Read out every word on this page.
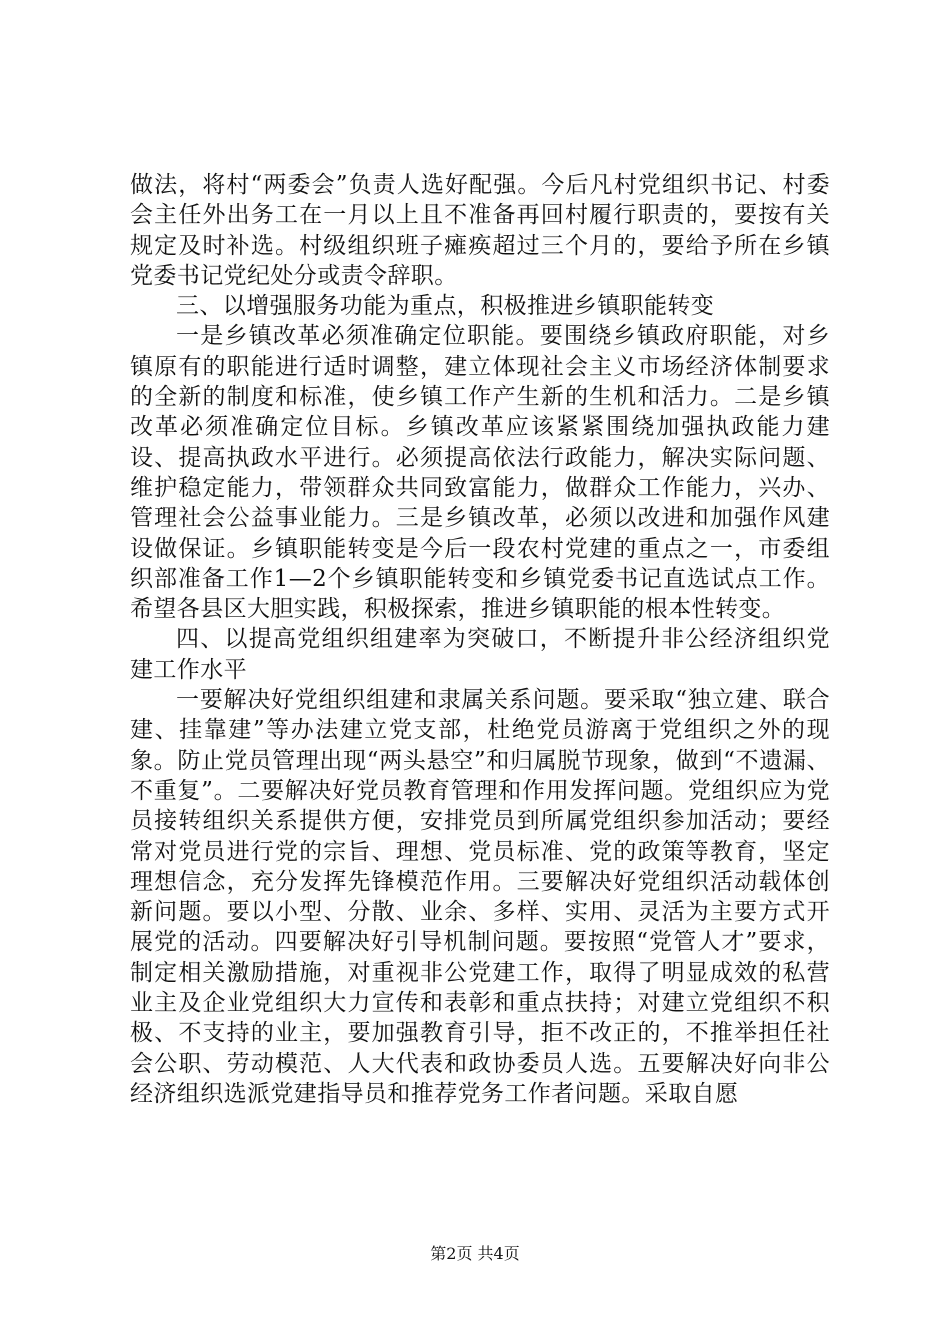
做法，将村“两委会”负责人选好配强。今后凡村党组织书记、村委会主任外出务工在一月以上且不准备再回村履行职责的，要按有关规定及时补选。村级组织班子瘫痪超过三个月的，要给予所在乡镇党委书记党纪处分或责令辞职。

三、以增强服务功能为重点，积极推进乡镇职能转变

一是乡镇改革必须准确定位职能。要围绕乡镇政府职能，对乡镇原有的职能进行适时调整，建立体现社会主义市场经济体制要求的全新的制度和标准，使乡镇工作产生新的生机和活力。二是乡镇改革必须准确定位目标。乡镇改革应该紧紧围绕加强执政能力建设、提高执政水平进行。必须提高依法行政能力，解决实际问题、维护稳定能力，带领群众共同致富能力，做群众工作能力，兴办、管理社会公益事业能力。三是乡镇改革，必须以改进和加强作风建设做保证。乡镇职能转变是今后一段农村党建的重点之一，市委组织部准备工作1—2个乡镇职能转变和乡镇党委书记直选试点工作。希望各县区大胆实践，积极探索，推进乡镇职能的根本性转变。

四、以提高党组织组建率为突破口，不断提升非公经济组织党建工作水平

一要解决好党组织组建和隶属关系问题。要采取“独立建、联合建、挂靠建”等办法建立党支部，杜绝党员游离于党组织之外的现象。防止党员管理出现“两头悬空”和归属脱节现象，做到“不遗漏、不重复”。二要解决好党员教育管理和作用发挥问题。党组织应为党员接转组织关系提供方便，安排党员到所属党组织参加活动；要经常对党员进行党的宗旨、理想、党员标准、党的政策等教育，坚定理想信念，充分发挥先锋模范作用。三要解决好党组织活动载体创新问题。要以小型、分散、业余、多样、实用、灵活为主要方式开展党的活动。四要解决好引导机制问题。要按照“党管人才”要求，制定相关激励措施，对重视非公党建工作，取得了明显成效的私营业主及企业党组织大力宣传和表彰和重点扶持；对建立党组织不积极、不支持的业主，要加强教育引导，拒不改正的，不推举担任社会公职、劳动模范、人大代表和政协委员人选。五要解决好向非公经济组织选派党建指导员和推荐党务工作者问题。采取自愿

第2页 共4页
